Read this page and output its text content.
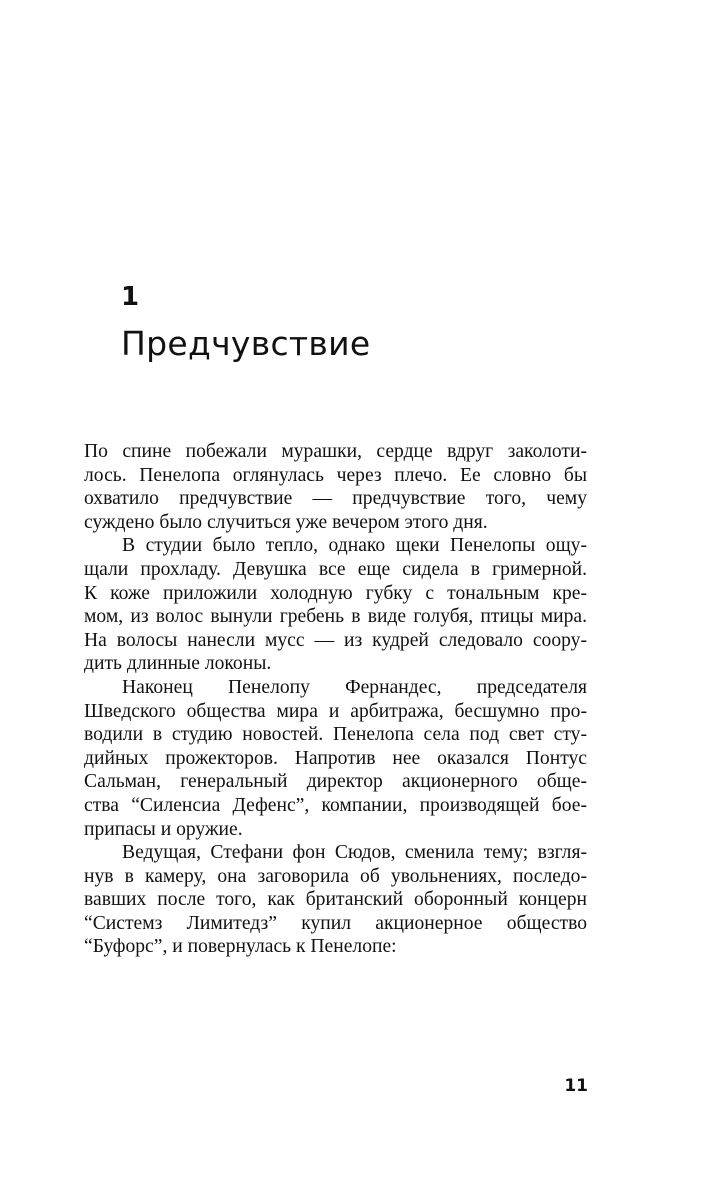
1
Предчувствие
По спине побежали мурашки, сердце вдруг заколоти-
лось. Пенелопа оглянулась через плечо. Ее словно бы
охватило предчувствие — предчувствие того, чему
суждено было случиться уже вечером этого дня.
В студии было тепло, однако щеки Пенелопы ощу-
щали прохладу. Девушка все еще сидела в гримерной.
К коже приложили холодную губку с тональным кре-
мом, из волос вынули гребень в виде голубя, птицы мира.
На волосы нанесли мусс — из кудрей следовало соору-
дить длинные локоны.
Наконец Пенелопу Фернандес, председателя
Шведского общества мира и арбитража, бесшумно про-
водили в студию новостей. Пенелопа села под свет сту-
дийных прожекторов. Напротив нее оказался Понтус
Сальман, генеральный директор акционерного обще-
ства “Силенсиа Дефенс”, компании, производящей бое-
припасы и оружие.
Ведущая, Стефани фон Сюдов, сменила тему; взгля-
нув в камеру, она заговорила об увольнениях, последо-
вавших после того, как британский оборонный концерн
“Системз Лимитедз” купил акционерное общество
“Буфорс”, и повернулась к Пенелопе:
11
